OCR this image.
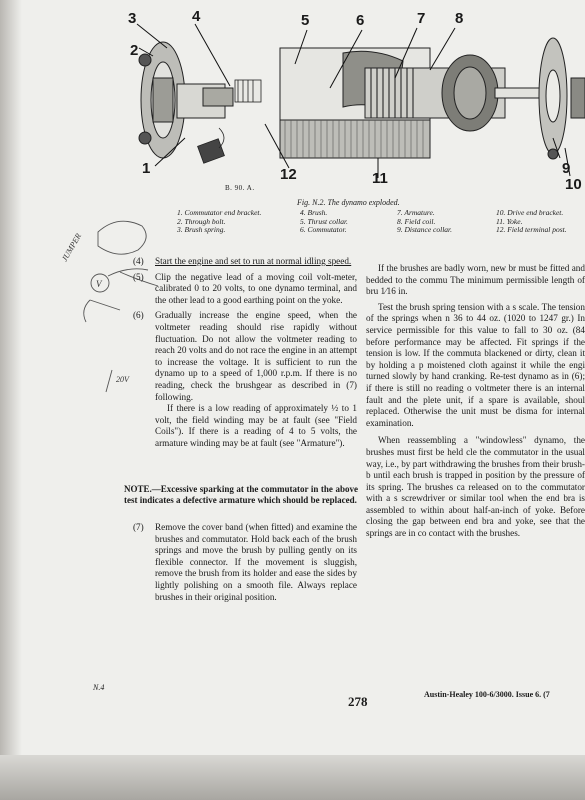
3	4
2
5	6	7 8
1	12	11
9
10
B. 90. A.
Fig. N.2. The dynamo exploded.
1. Commutator end bracket.
2. Through bolt.
3. Brush spring.
4. Brush.
5. Thrust collar.
6. Commutator.
7. Armature.
8. Field coil.
9. Distance collar.
10. Drive end bracket.
11. Yoke.
12. Field terminal post.

(4) Start the engine and set to run at normal idling speed.

(5) Clip the negative lead of a moving coil volt-meter, calibrated 0 to 20 volts, to one dynamo terminal, and the other lead to a good earthing point on the yoke.

(6) Gradually increase the engine speed, when the voltmeter reading should rise rapidly without fluctuation. Do not allow the voltmeter reading to reach 20 volts and do not race the engine in an attempt to increase the voltage. It is sufficient to run the dynamo up to a speed of 1,000 r.p.m. If there is no reading, check the brushgear as described in (7) following.

If there is a low reading of approximately ½ to 1 volt, the field winding may be at fault (see "Field Coils"). If there is a reading of 4 to 5 volts, the armature winding may be at fault (see "Armature").

NOTE.—Excessive sparking at the commutator in the above test indicates a defective armature which should be replaced.

(7) Remove the cover band (when fitted) and examine the brushes and commutator. Hold back each of the brush springs and move the brush by pulling gently on its flexible connector. If the movement is sluggish, remove the brush from its holder and ease the sides by lightly polishing on a smooth file. Always replace brushes in their original position.

If the brushes are badly worn, new br must be fitted and bedded to the commu The minimum permissible length of bru 1⁄16 in.

Test the brush spring tension with a s scale. The tension of the springs when n 36 to 44 oz. (1020 to 1247 gr.) In service permissible for this value to fall to 30 oz. (84 before performance may be affected. Fit springs if the tension is low. If the commuta blackened or dirty, clean it by holding a p moistened cloth against it while the engi turned slowly by hand cranking. Re-test dynamo as in (6); if there is still no reading o voltmeter there is an internal fault and the plete unit, if a spare is available, shoul replaced. Otherwise the unit must be disma for internal examination.

When reassembling a "windowless" dynamo, the brushes must first be held cle the commutator in the usual way, i.e., by part withdrawing the brushes from their brush-b until each brush is trapped in position by the pressure of its spring. The brushes ca released on to the commutator with a s screwdriver or similar tool when the end bra is assembled to within about half-an-inch of yoke. Before closing the gap between end bra and yoke, see that the springs are in co contact with the brushes.

JUMPER
V
20V
N.4
278	Austin-Healey 100-6/3000. Issue 6. (7
